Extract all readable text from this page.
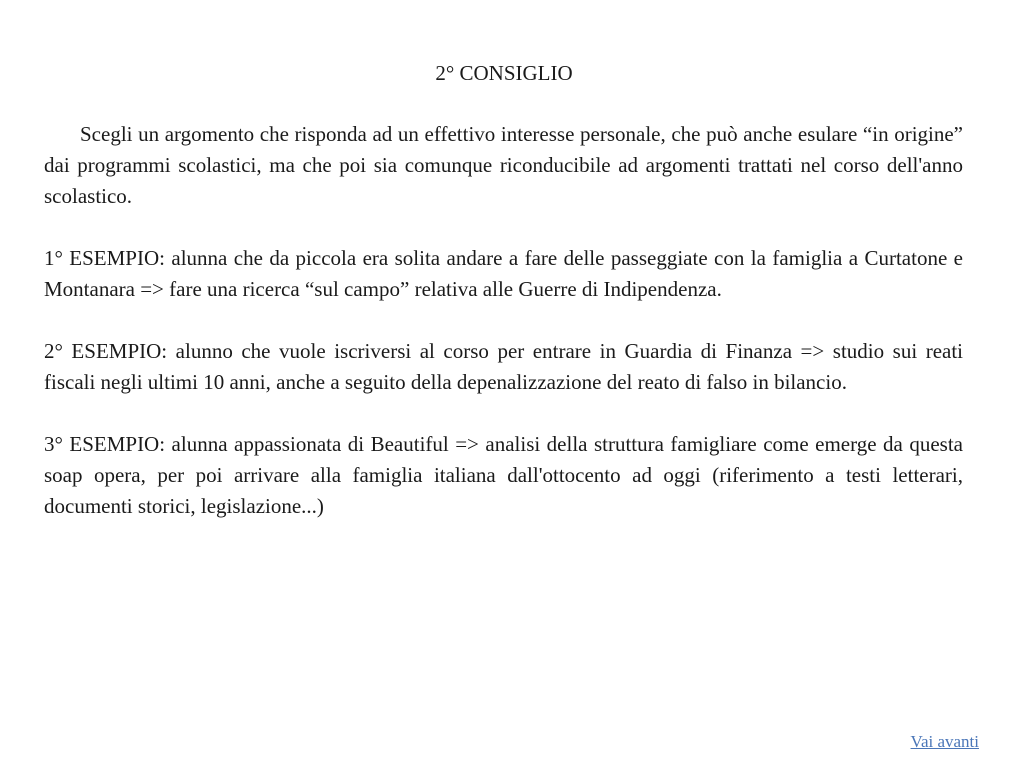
2° CONSIGLIO

Scegli un argomento che risponda ad un effettivo interesse personale, che può anche esulare “in origine” dai programmi scolastici, ma che poi sia comunque riconducibile ad argomenti trattati nel corso dell'anno scolastico.

1° ESEMPIO: alunna che da piccola era solita andare a fare delle passeggiate con la famiglia a Curtatone e Montanara => fare una ricerca “sul campo” relativa alle Guerre di Indipendenza.

2° ESEMPIO: alunno che vuole iscriversi al corso per entrare in Guardia di Finanza => studio sui reati fiscali negli ultimi 10 anni, anche a seguito della depenalizzazione del reato di falso in bilancio.

3° ESEMPIO: alunna appassionata di Beautiful => analisi della struttura famigliare come emerge da questa soap opera, per poi arrivare alla famiglia italiana dall'ottocento ad oggi (riferimento a testi letterari, documenti storici, legislazione...)

Vai avanti
